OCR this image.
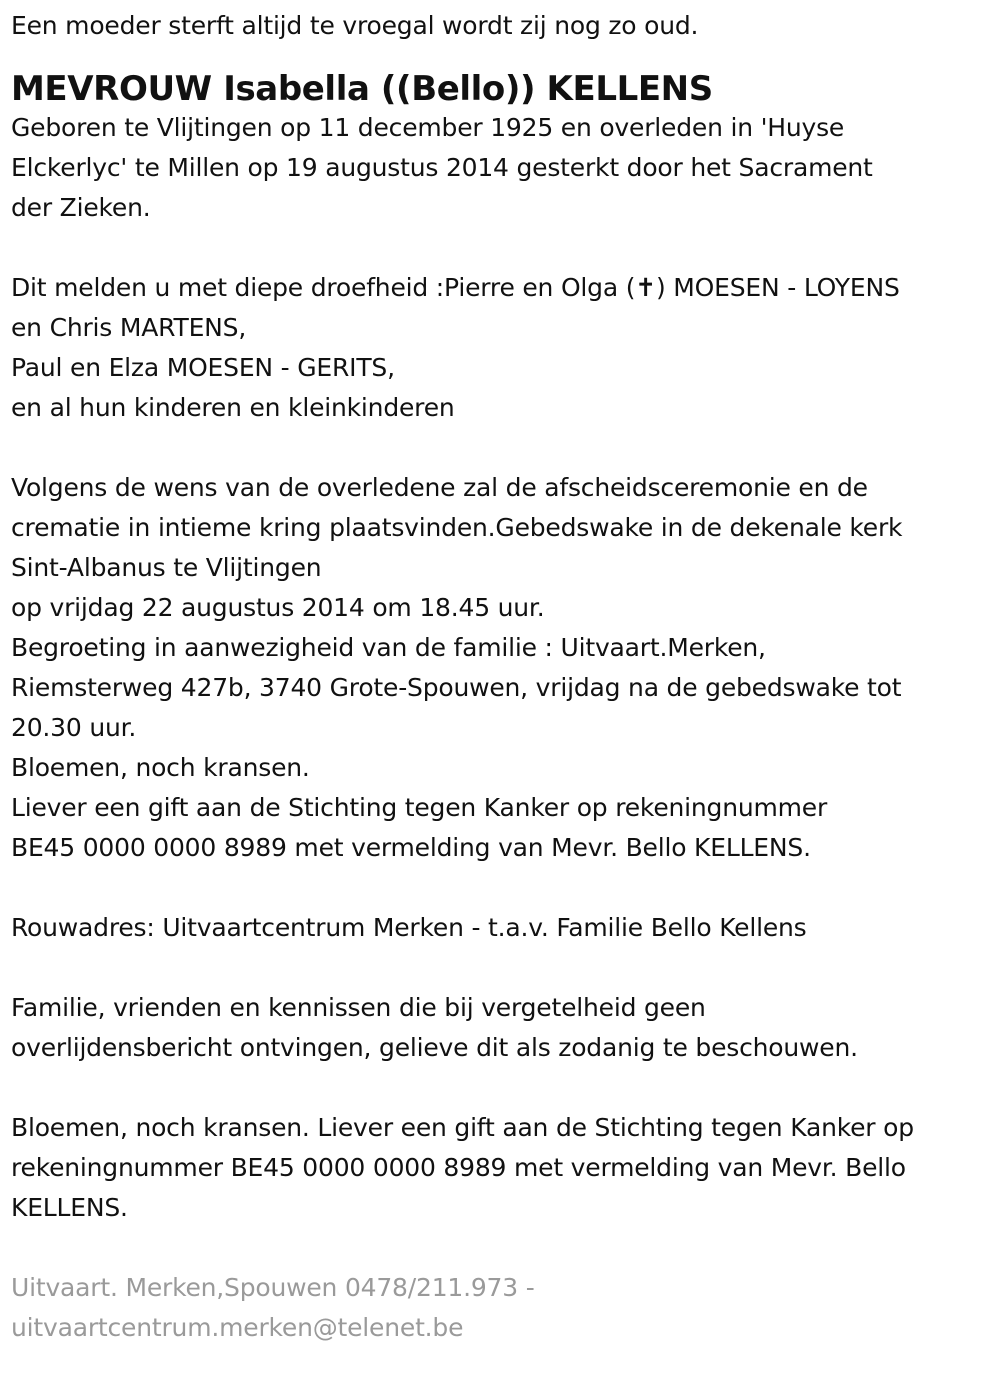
Een moeder sterft altijd te vroegal wordt zij nog zo oud.

MEVROUW Isabella ((Bello)) KELLENS

Geboren te Vlijtingen op 11 december 1925 en overleden in 'Huyse

Elckerlyc' te Millen op 19 augustus 2014 gesterkt door het Sacrament

der Zieken.

Dit melden u met diepe droefheid :Pierre en Olga (✝) MOESEN - LOYENS

en Chris MARTENS,

Paul en Elza MOESEN - GERITS,

en al hun kinderen en kleinkinderen

Volgens de wens van de overledene zal de afscheidsceremonie en de

crematie in intieme kring plaatsvinden.Gebedswake in de dekenale kerk

Sint-Albanus te Vlijtingen

op vrijdag 22 augustus 2014 om 18.45 uur.

Begroeting in aanwezigheid van de familie : Uitvaart.Merken,

Riemsterweg 427b, 3740 Grote-Spouwen, vrijdag na de gebedswake tot

20.30 uur.

Bloemen, noch kransen.

Liever een gift aan de Stichting tegen Kanker op rekeningnummer

BE45 0000 0000 8989 met vermelding van Mevr. Bello KELLENS.

Rouwadres: Uitvaartcentrum Merken - t.a.v. Familie Bello Kellens

Familie, vrienden en kennissen die bij vergetelheid geen

overlijdensbericht ontvingen, gelieve dit als zodanig te beschouwen.

Bloemen, noch kransen. Liever een gift aan de Stichting tegen Kanker op

rekeningnummer BE45 0000 0000 8989 met vermelding van Mevr. Bello

KELLENS.

Uitvaart. Merken,Spouwen 0478/211.973 -

uitvaartcentrum.merken@telenet.be
